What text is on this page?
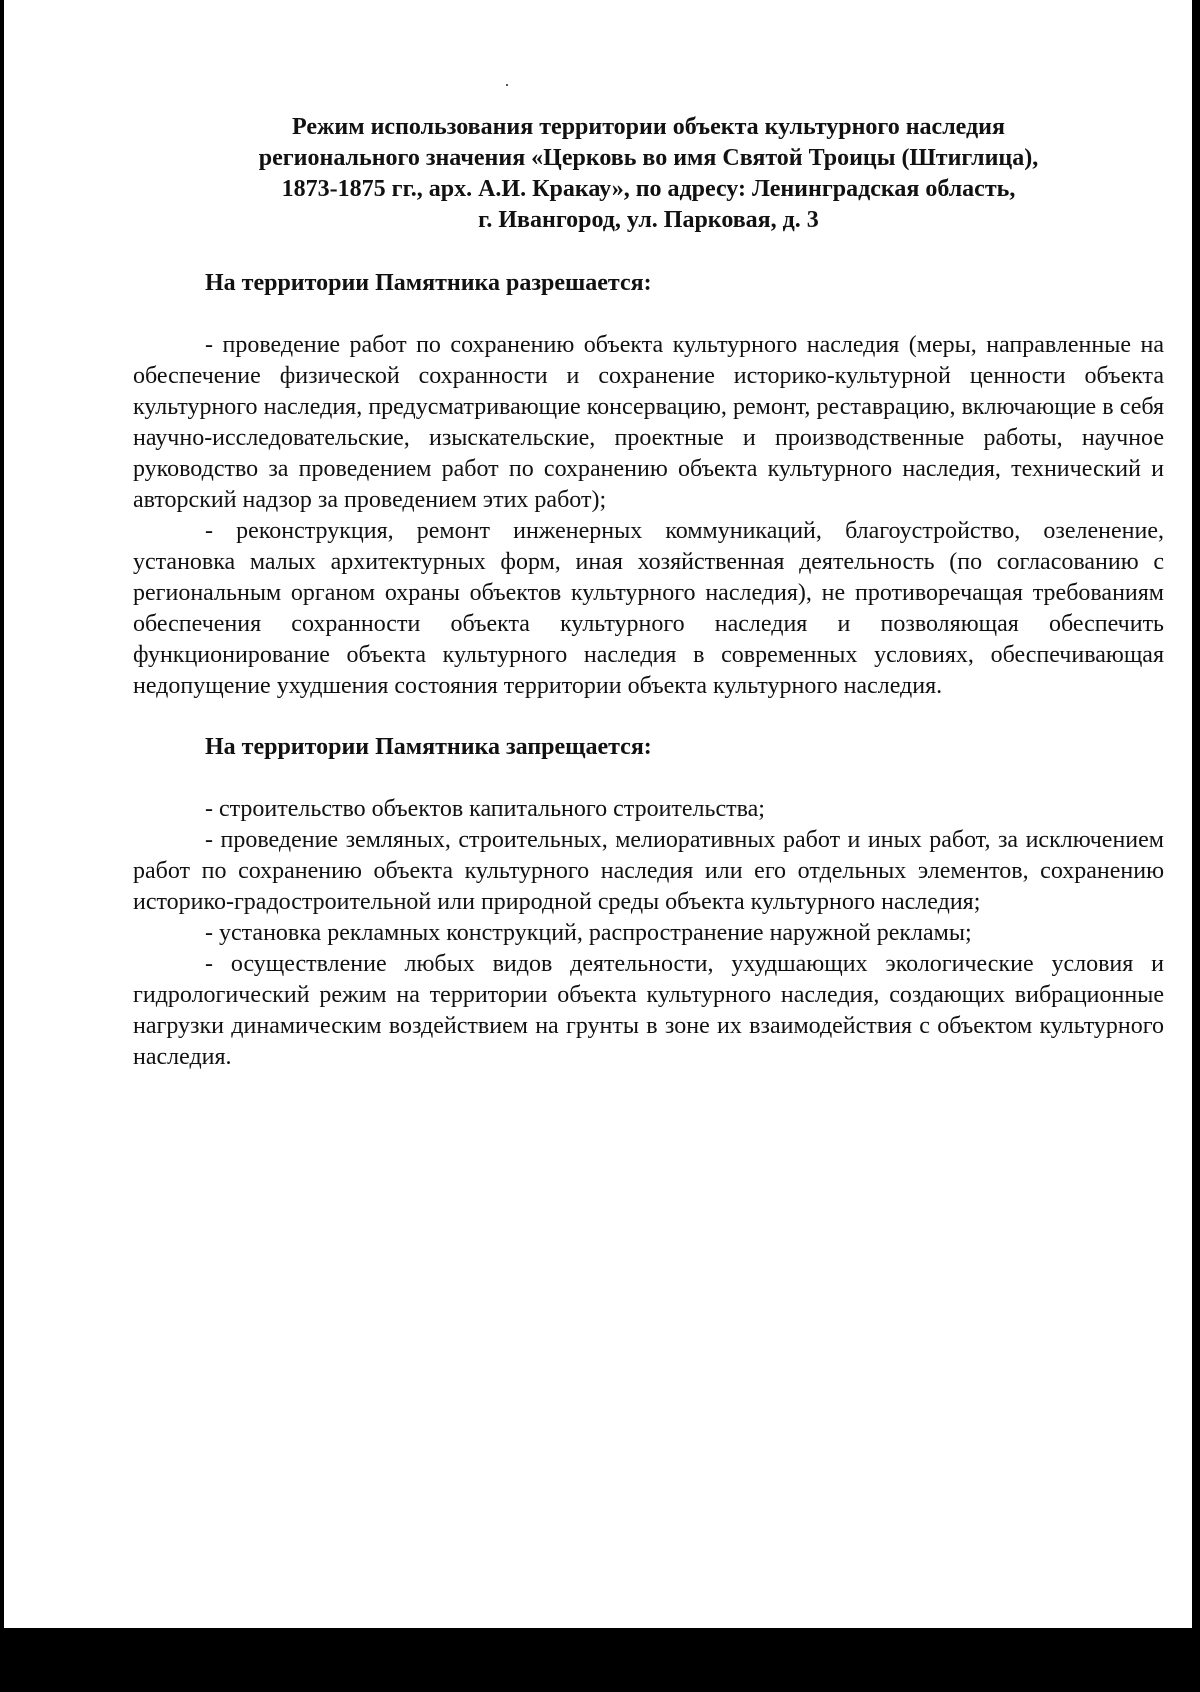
Режим использования территории объекта культурного наследия
регионального значения «Церковь во имя Святой Троицы (Штиглица),
1873-1875 гг., арх. А.И. Кракау», по адресу: Ленинградская область,
г. Ивангород, ул. Парковая, д. 3

На территории Памятника разрешается:

- проведение работ по сохранению объекта культурного наследия (меры, направленные на обеспечение физической сохранности и сохранение историко-культурной ценности объекта культурного наследия, предусматривающие консервацию, ремонт, реставрацию, включающие в себя научно-исследовательские, изыскательские, проектные и производственные работы, научное руководство за проведением работ по сохранению объекта культурного наследия, технический и авторский надзор за проведением этих работ);

- реконструкция, ремонт инженерных коммуникаций, благоустройство, озеленение, установка малых архитектурных форм, иная хозяйственная деятельность (по согласованию с региональным органом охраны объектов культурного наследия), не противоречащая требованиям обеспечения сохранности объекта культурного наследия и позволяющая обеспечить функционирование объекта культурного наследия в современных условиях, обеспечивающая недопущение ухудшения состояния территории объекта культурного наследия.

На территории Памятника запрещается:

- строительство объектов капитального строительства;

- проведение земляных, строительных, мелиоративных работ и иных работ, за исключением работ по сохранению объекта культурного наследия или его отдельных элементов, сохранению историко-градостроительной или природной среды объекта культурного наследия;

- установка рекламных конструкций, распространение наружной рекламы;

- осуществление любых видов деятельности, ухудшающих экологические условия и гидрологический режим на территории объекта культурного наследия, создающих вибрационные нагрузки динамическим воздействием на грунты в зоне их взаимодействия с объектом культурного наследия.
